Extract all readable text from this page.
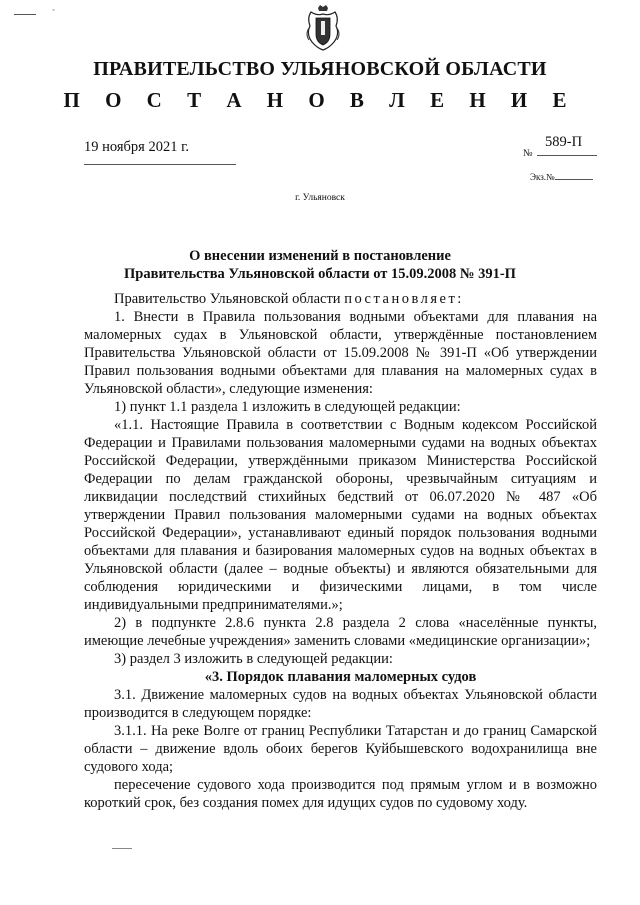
˚
ПРАВИТЕЛЬСТВО УЛЬЯНОВСКОЙ ОБЛАСТИ
П О С Т А Н О В Л Е Н И Е
19 ноября 2021 г.	№
589-П
Экз.№
г. Ульяновск
О внесении изменений в постановление
Правительства Ульяновской области от 15.09.2008 № 391-П

Правительство Ульяновской области постановляет:

1. Внести в Правила пользования водными объектами для плавания на маломерных судах в Ульяновской области, утверждённые постановлением Правительства Ульяновской области от 15.09.2008 № 391-П «Об утверждении Правил пользования водными объектами для плавания на маломерных судах в Ульяновской области», следующие изменения:

1) пункт 1.1 раздела 1 изложить в следующей редакции:

«1.1. Настоящие Правила в соответствии с Водным кодексом Российской Федерации и Правилами пользования маломерными судами на водных объектах Российской Федерации, утверждёнными приказом Министерства Российской Федерации по делам гражданской обороны, чрезвычайным ситуациям и ликвидации последствий стихийных бедствий от 06.07.2020 № 487 «Об утверждении Правил пользования маломерными судами на водных объектах Российской Федерации», устанавливают единый порядок пользования водными объектами для плавания и базирования маломерных судов на водных объектах в Ульяновской области (далее – водные объекты) и являются обязательными для соблюдения юридическими и физическими лицами, в том числе индивидуальными предпринимателями.»;

2) в подпункте 2.8.6 пункта 2.8 раздела 2 слова «населённые пункты, имеющие лечебные учреждения» заменить словами «медицинские организации»;

3) раздел 3 изложить в следующей редакции:

«3. Порядок плавания маломерных судов

3.1. Движение маломерных судов на водных объектах Ульяновской области производится в следующем порядке:

3.1.1. На реке Волге от границ Республики Татарстан и до границ Самарской области – движение вдоль обоих берегов Куйбышевского водохранилища вне судового хода;

пересечение судового хода производится под прямым углом и в возможно короткий срок, без создания помех для идущих судов по судовому ходу.
